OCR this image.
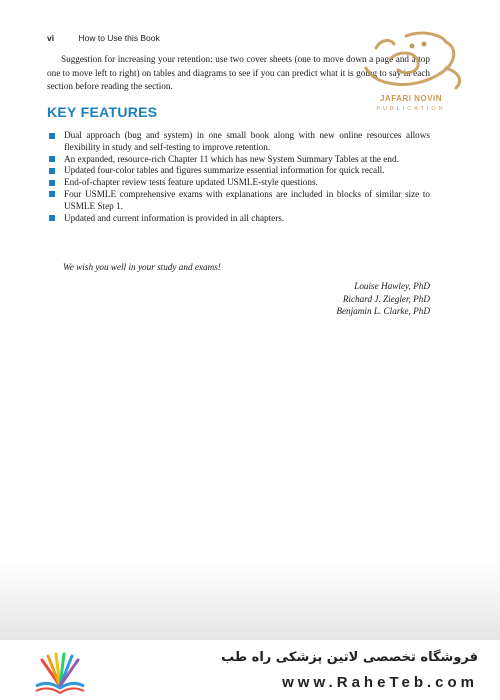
vi	How to Use this Book

Suggestion for increasing your retention: use two cover sheets (one to move down a page and a top one to move left to right) on tables and diagrams to see if you can predict what it is going to say in each section before reading the section.

KEY FEATURES
Dual approach (bug and system) in one small book along with new online resources allows flexibility in study and self-testing to improve retention.
An expanded, resource-rich Chapter 11 which has new System Summary Tables at the end.
Updated four-color tables and figures summarize essential information for quick recall.
End-of-chapter review tests feature updated USMLE-style questions.
Four USMLE comprehensive exams with explanations are included in blocks of similar size to USMLE Step 1.
Updated and current information is provided in all chapters.
We wish you well in your study and exams!
Louise Hawley, PhD
Richard J. Ziegler, PhD
Benjamin L. Clarke, PhD
JAFARI NOVIN
PUBLICATION
فروشگاه تخصصی لاتین پزشکی راه طب
www.RaheTeb.com
